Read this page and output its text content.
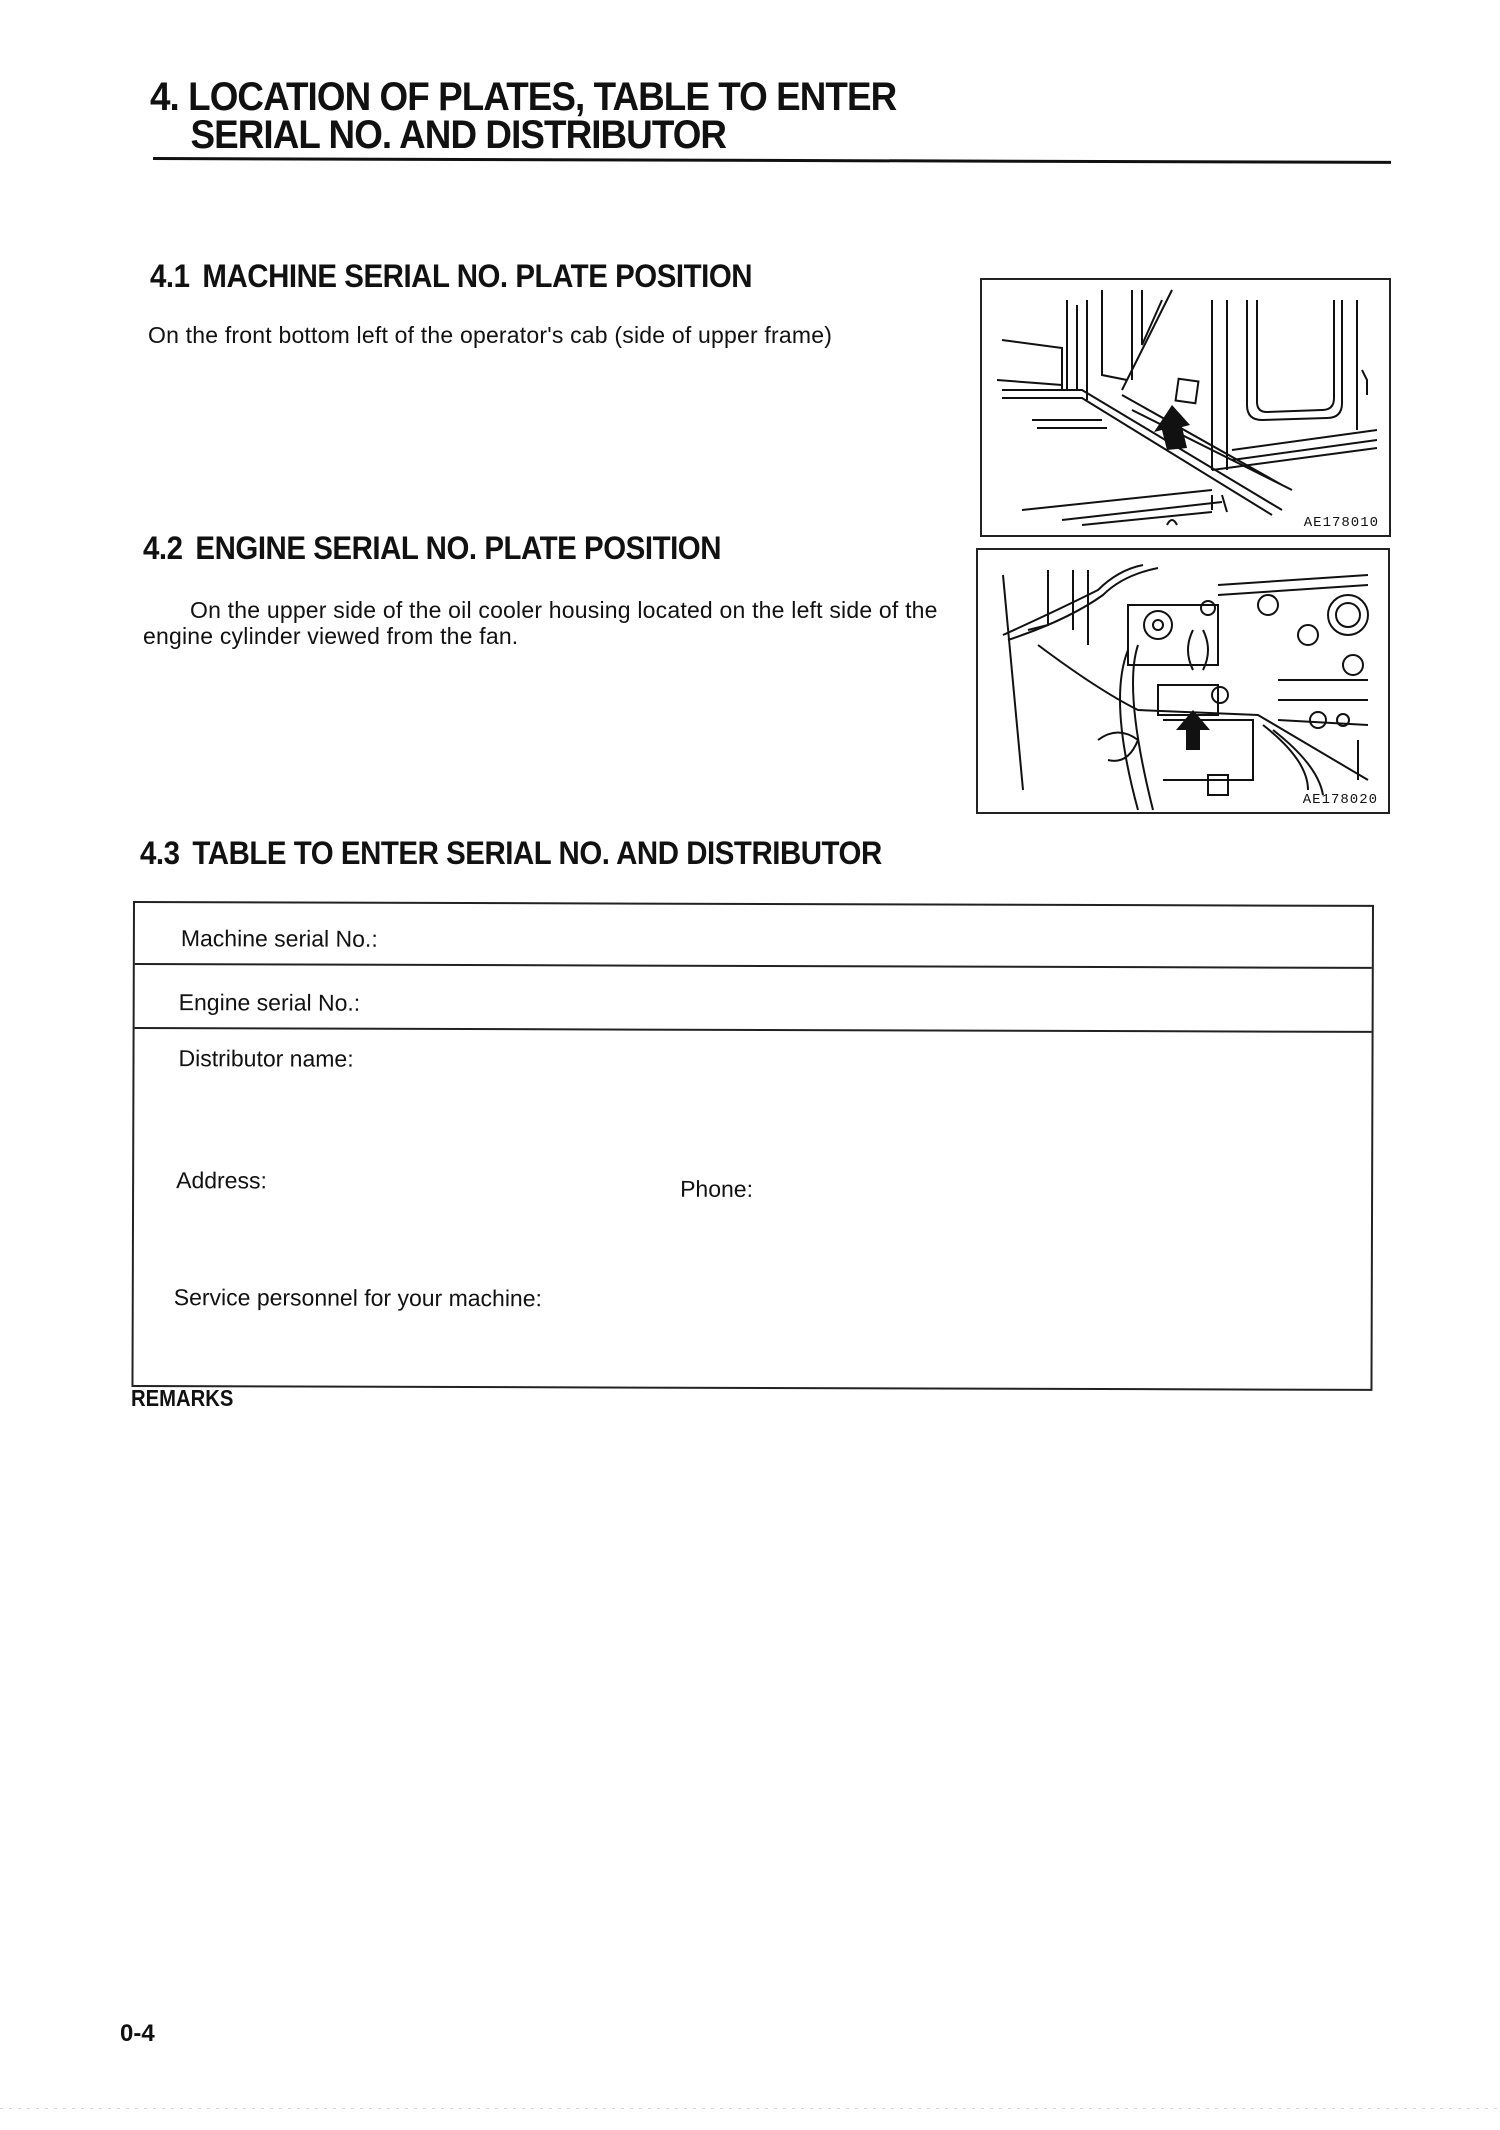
4. LOCATION OF PLATES, TABLE TO ENTER
SERIAL NO. AND DISTRIBUTOR
4.1 MACHINE SERIAL NO. PLATE POSITION
On the front bottom left of the operator's cab (side of upper frame)
AE178010
4.2 ENGINE SERIAL NO. PLATE POSITION
On the upper side of the oil cooler housing located on the left side of the engine cylinder viewed from the fan.
AE178020
4.3 TABLE TO ENTER SERIAL NO. AND DISTRIBUTOR
Machine serial No.:
Engine serial No.:
Distributor name:
Address:	Phone:
Service personnel for your machine:
REMARKS
0-4
